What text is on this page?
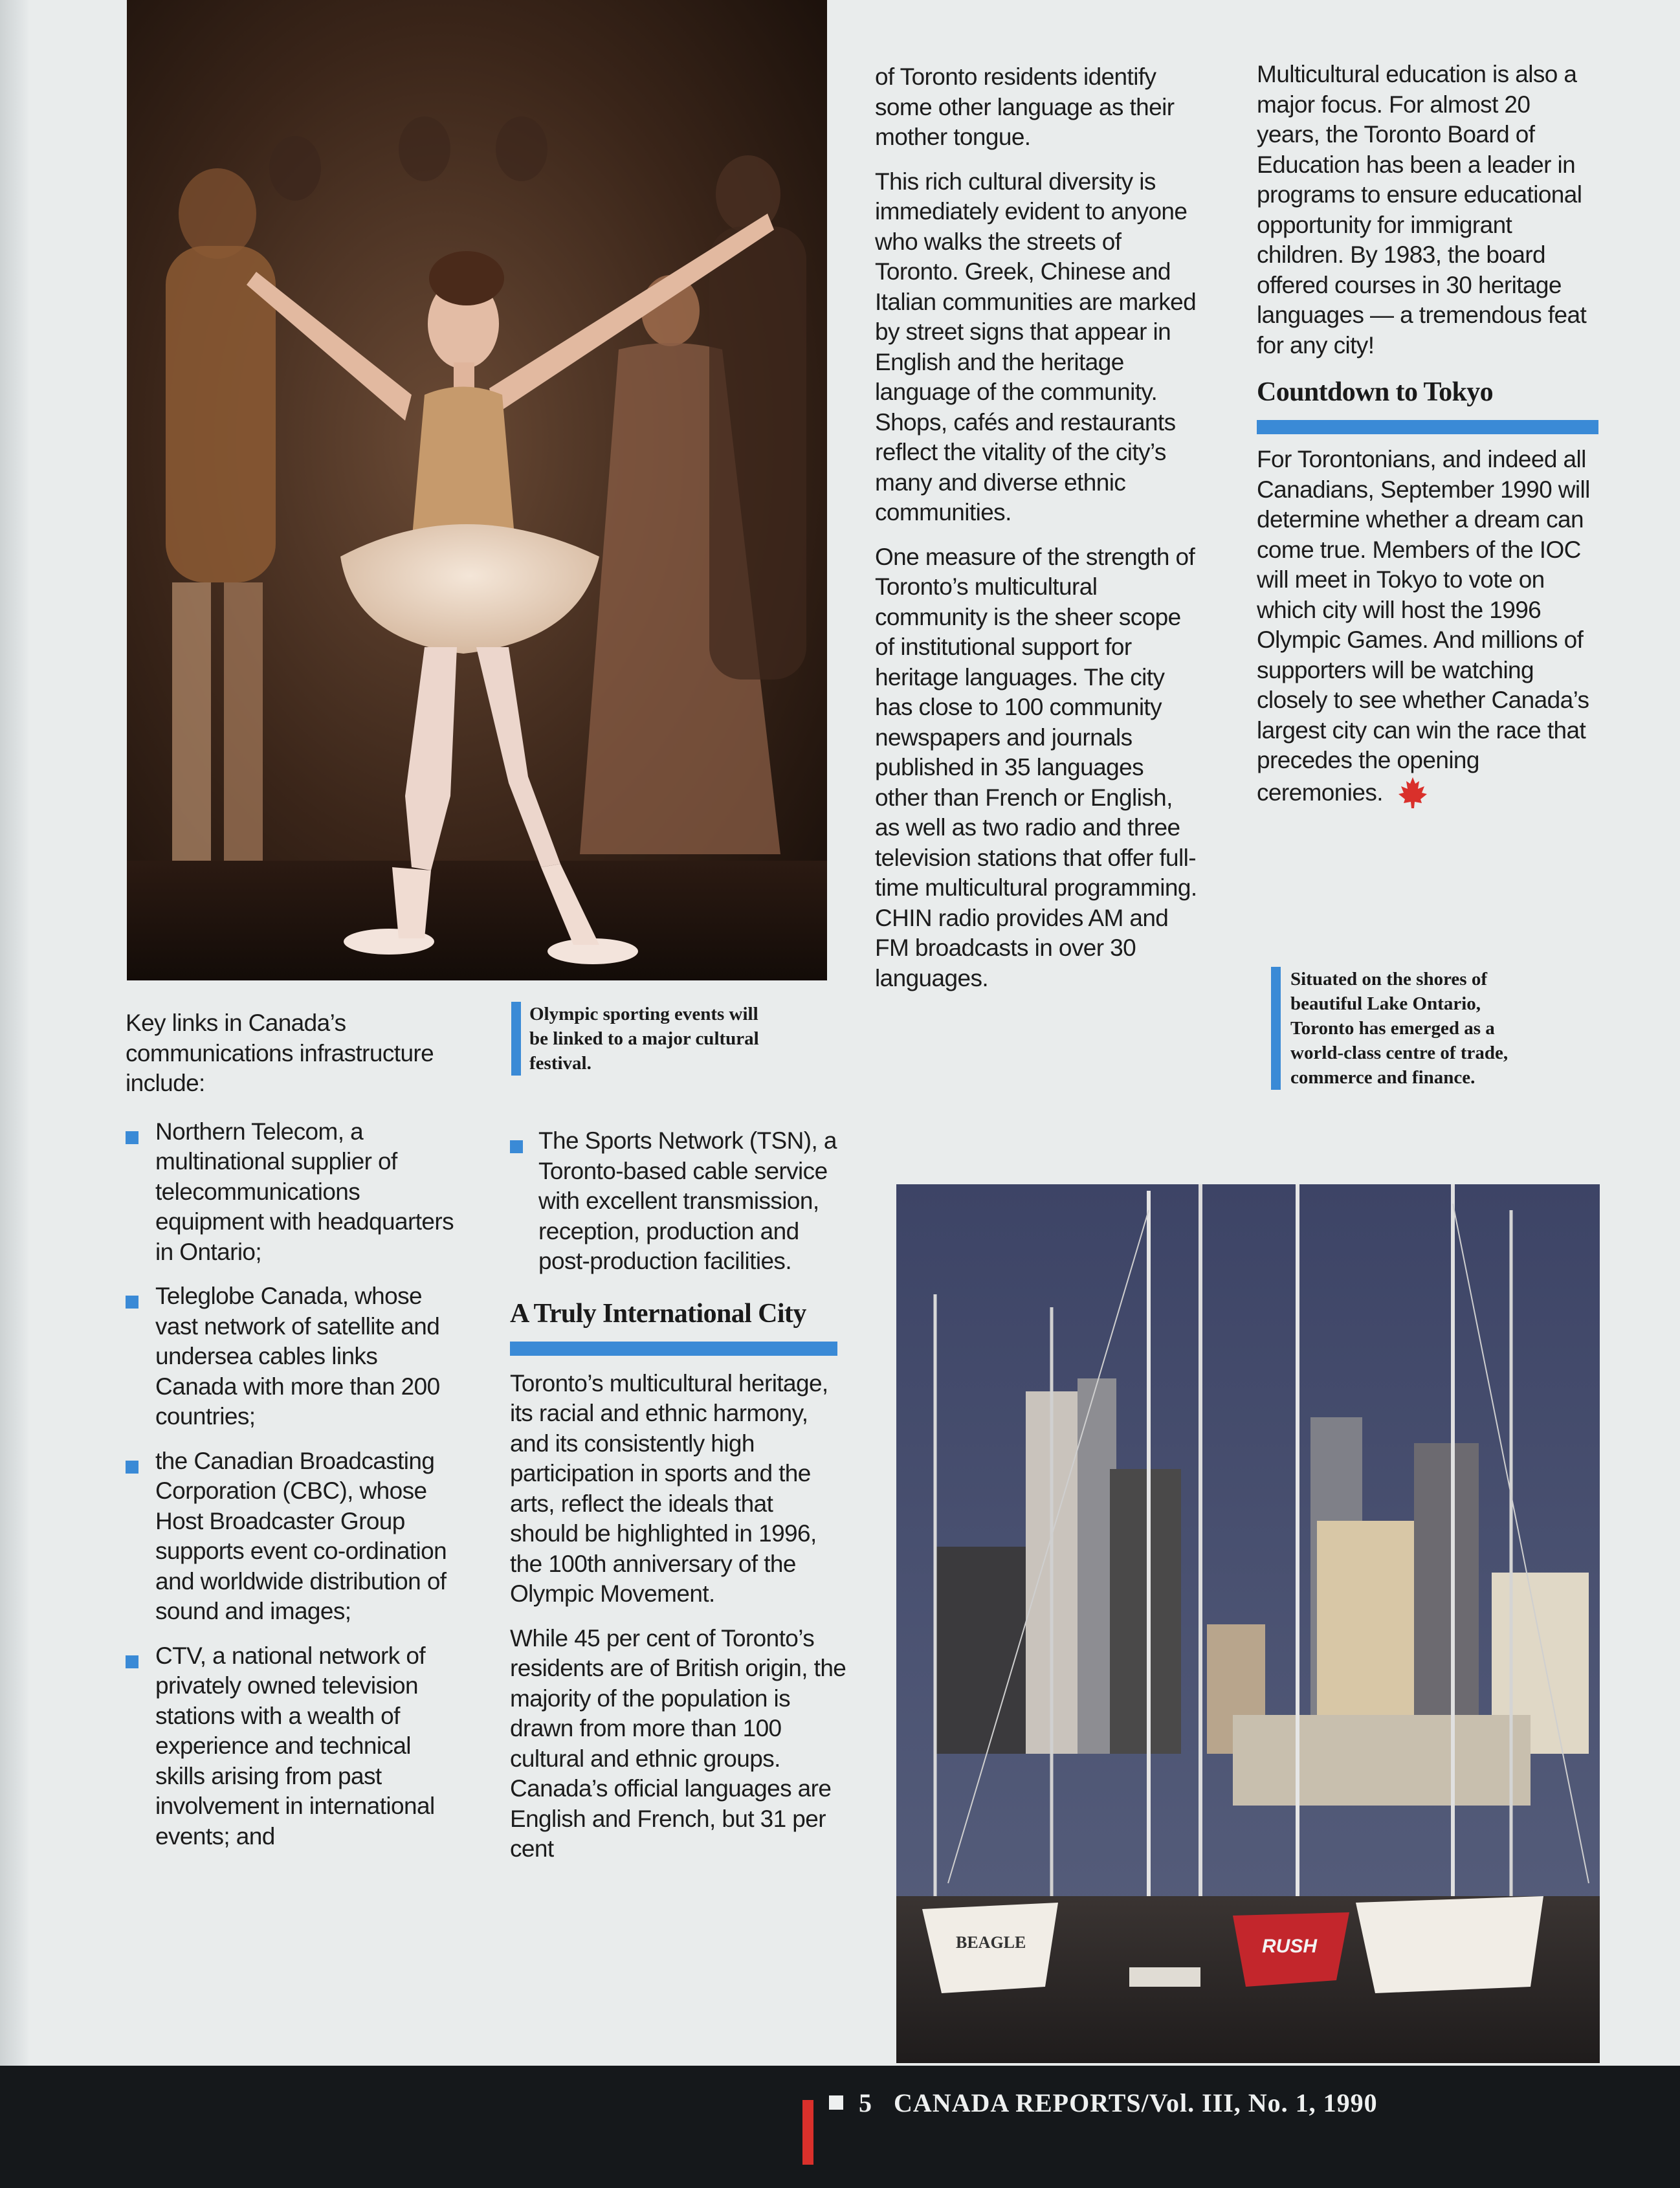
of Toronto residents identify some other language as their mother tongue.

This rich cultural diversity is immediately evident to anyone who walks the streets of Toronto. Greek, Chinese and Italian communities are marked by street signs that appear in English and the heritage language of the community. Shops, cafés and restaurants reflect the vitality of the city’s many and diverse ethnic communities.

One measure of the strength of Toronto’s multicultural community is the sheer scope of institutional support for heritage languages. The city has close to 100 community newspapers and journals published in 35 languages other than French or English, as well as two radio and three television stations that offer full-time multicultural programming. CHIN radio provides AM and FM broadcasts in over 30 languages.

Multicultural education is also a major focus. For almost 20 years, the Toronto Board of Education has been a leader in programs to ensure educational opportunity for immigrant children. By 1983, the board offered courses in 30 heritage languages — a tremendous feat for any city!

Countdown to Tokyo

For Torontonians, and indeed all Canadians, September 1990 will determine whether a dream can come true. Members of the IOC will meet in Tokyo to vote on which city will host the 1996 Olympic Games. And millions of supporters will be watching closely to see whether Canada’s largest city can win the race that precedes the opening ceremonies.

Olympic sporting events will be linked to a major cultural festival.
Situated on the shores of beautiful Lake Ontario, Toronto has emerged as a world-class centre of trade, commerce and finance.

Key links in Canada’s communications infrastructure include:

Northern Telecom, a multinational supplier of telecommunications equipment with headquarters in Ontario;
Teleglobe Canada, whose vast network of satellite and undersea cables links Canada with more than 200 countries;
the Canadian Broadcasting Corporation (CBC), whose Host Broadcaster Group supports event co-ordination and worldwide distribution of sound and images;
CTV, a national network of privately owned television stations with a wealth of experience and technical skills arising from past involvement in international events; and
The Sports Network (TSN), a Toronto-based cable service with excellent transmission, reception, production and post-production facilities.
A Truly International City

Toronto’s multicultural heritage, its racial and ethnic harmony, and its consistently high participation in sports and the arts, reflect the ideals that should be highlighted in 1996, the 100th anniversary of the Olympic Movement.

While 45 per cent of Toronto’s residents are of British origin, the majority of the population is drawn from more than 100 cultural and ethnic groups. Canada’s official languages are English and French, but 31 per cent

BEAGLE	RUSH
5 CANADA REPORTS/Vol. III, No. 1, 1990
